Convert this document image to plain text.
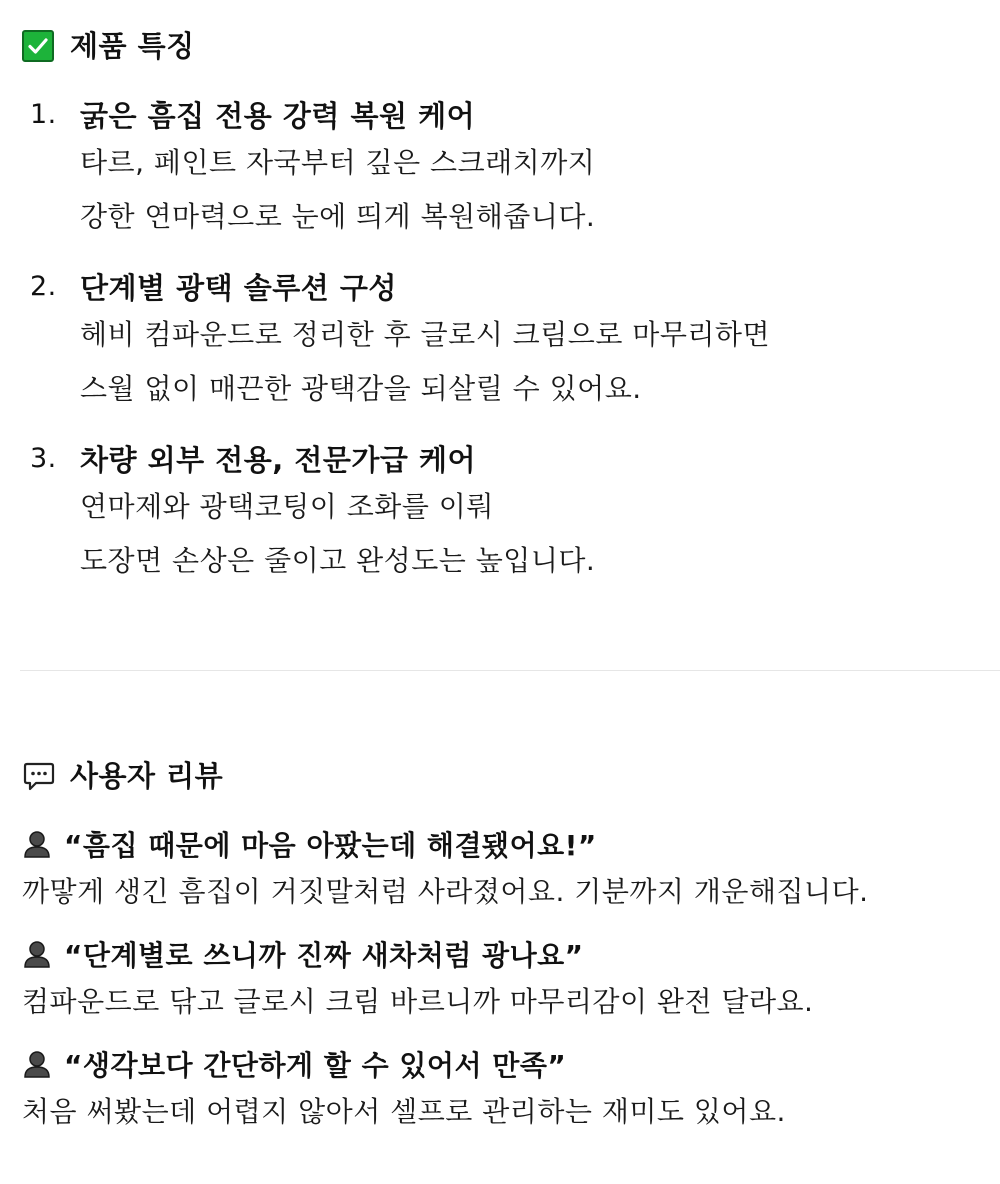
제품 특징
1. 굵은 흠집 전용 강력 복원 케어
타르, 페인트 자국부터 깊은 스크래치까지
강한 연마력으로 눈에 띄게 복원해줍니다.
2. 단계별 광택 솔루션 구성
헤비 컴파운드로 정리한 후 글로시 크림으로 마무리하면
스월 없이 매끈한 광택감을 되살릴 수 있어요.
3. 차량 외부 전용, 전문가급 케어
연마제와 광택코팅이 조화를 이뤄
도장면 손상은 줄이고 완성도는 높입니다.
사용자 리뷰
“흠집 때문에 마음 아팠는데 해결됐어요!”
까맣게 생긴 흠집이 거짓말처럼 사라졌어요. 기분까지 개운해집니다.
“단계별로 쓰니까 진짜 새차처럼 광나요”
컴파운드로 닦고 글로시 크림 바르니까 마무리감이 완전 달라요.
“생각보다 간단하게 할 수 있어서 만족”
처음 써봤는데 어렵지 않아서 셀프로 관리하는 재미도 있어요.
